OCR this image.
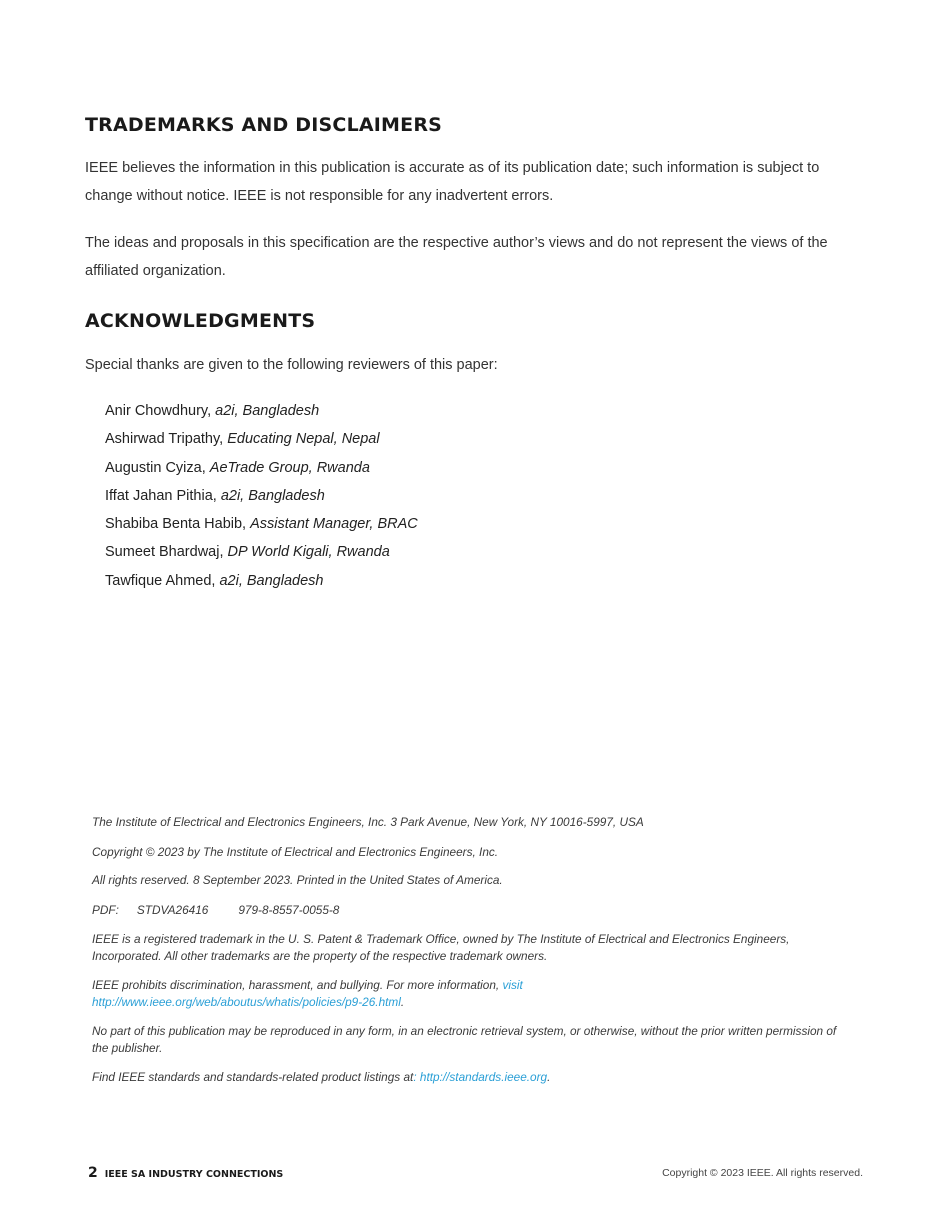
TRADEMARKS AND DISCLAIMERS

IEEE believes the information in this publication is accurate as of its publication date; such information is subject to change without notice. IEEE is not responsible for any inadvertent errors.

The ideas and proposals in this specification are the respective author’s views and do not represent the views of the affiliated organization.

ACKNOWLEDGMENTS

Special thanks are given to the following reviewers of this paper:

Anir Chowdhury, a2i, Bangladesh
Ashirwad Tripathy, Educating Nepal, Nepal
Augustin Cyiza, AeTrade Group, Rwanda
Iffat Jahan Pithia, a2i, Bangladesh
Shabiba Benta Habib, Assistant Manager, BRAC
Sumeet Bhardwaj, DP World Kigali, Rwanda
Tawfique Ahmed, a2i, Bangladesh

The Institute of Electrical and Electronics Engineers, Inc. 3 Park Avenue, New York, NY 10016-5997, USA

Copyright © 2023 by The Institute of Electrical and Electronics Engineers, Inc.

All rights reserved. 8 September 2023. Printed in the United States of America.

PDF: STDVA26416	979-8-8557-0055-8

IEEE is a registered trademark in the U. S. Patent & Trademark Office, owned by The Institute of Electrical and Electronics Engineers, Incorporated. All other trademarks are the property of the respective trademark owners.

IEEE prohibits discrimination, harassment, and bullying. For more information, visit
http://www.ieee.org/web/aboutus/whatis/policies/p9-26.html.

No part of this publication may be reproduced in any form, in an electronic retrieval system, or otherwise, without the prior written permission of the publisher.

Find IEEE standards and standards-related product listings at: http://standards.ieee.org.

2 IEEE SA INDUSTRY CONNECTIONS	Copyright © 2023 IEEE. All rights reserved.
